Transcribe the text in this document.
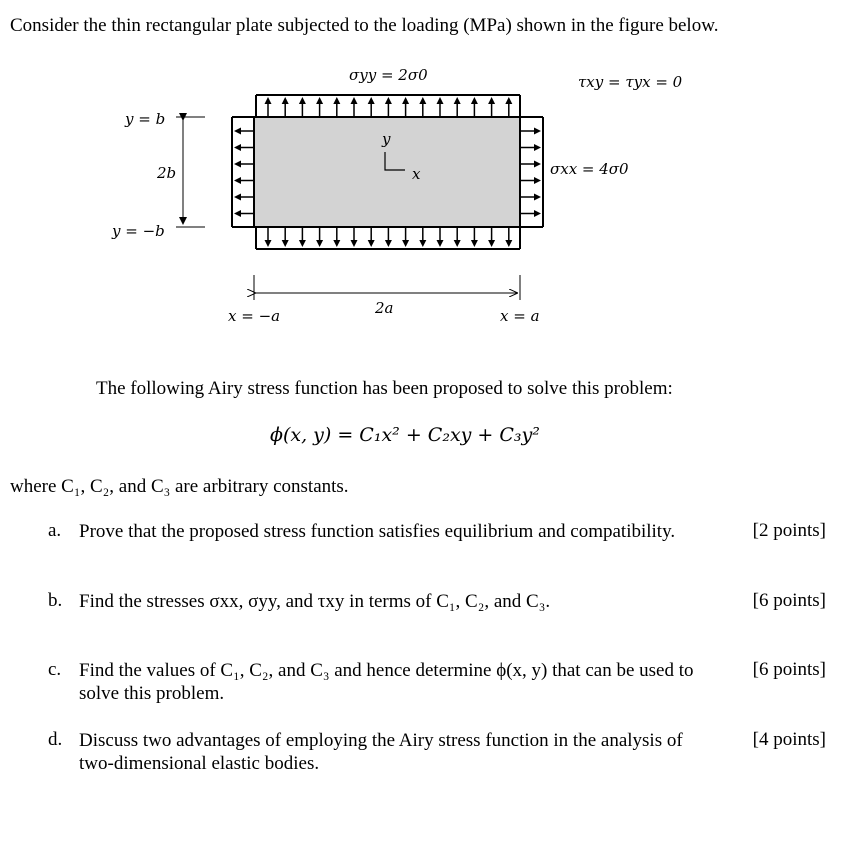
Consider the thin rectangular plate subjected to the loading (MPa) shown in the figure below.
σyy = 2σ0	τxy = τyx = 0
σxx = 4σ0
y = b
y = −b
2b
2a
x = −a	x = a
y
x
The following Airy stress function has been proposed to solve this problem:
ϕ(x, y) = C₁x² + C₂xy + C₃y²
where C₁, C₂, and C₃ are arbitrary constants.
a. Prove that the proposed stress function satisfies equilibrium and compatibility.	[2 points]
b. Find the stresses σxx, σyy, and τxy in terms of C₁, C₂, and C₃.	[6 points]
c. Find the values of C₁, C₂, and C₃ and hence determine ϕ(x, y) that can be used to solve this problem.
[6 points]
d. Discuss two advantages of employing the Airy stress function in the analysis of two-dimensional elastic bodies.
[4 points]
